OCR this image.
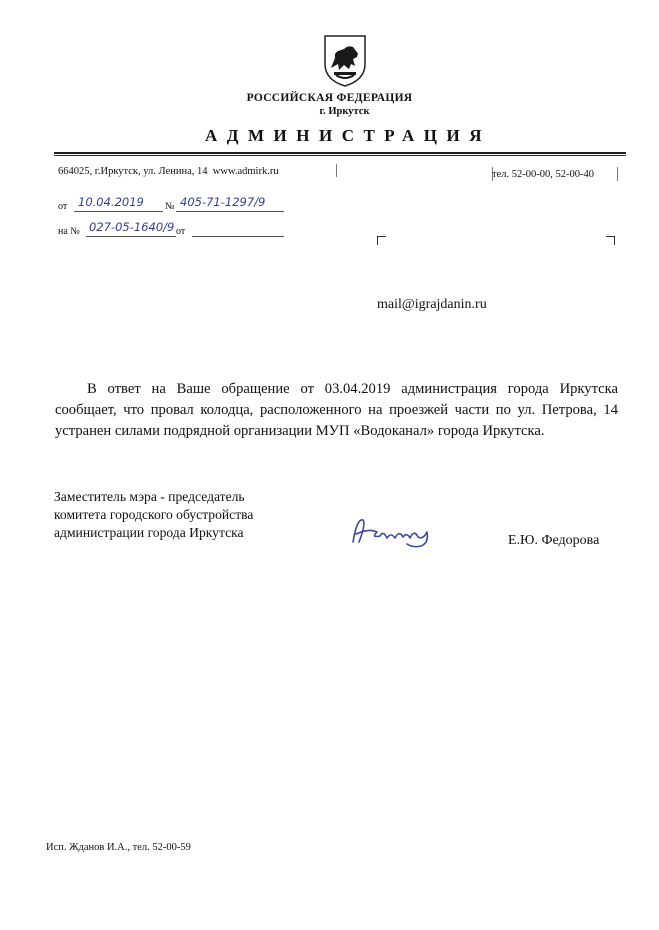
РОССИЙСКАЯ ФЕДЕРАЦИЯ
г. Иркутск
АДМИНИСТРАЦИЯ
664025, г.Иркутск, ул. Ленина, 14 www.admirk.ru	тел. 52-00-00, 52-00-40
от 10.04.2019 № 405-71-1297/9
на № 027-05-1640/9 от
mail@igrajdanin.ru

В ответ на Ваше обращение от 03.04.2019 администрация города Иркутска сообщает, что провал колодца, расположенного на проезжей части по ул. Петрова, 14 устранен силами подрядной организации МУП «Водоканал» города Иркутска.

Заместитель мэра - председатель
комитета городского обустройства
администрации города Иркутска
Е.Ю. Федорова
Исп. Жданов И.А., тел. 52-00-59
